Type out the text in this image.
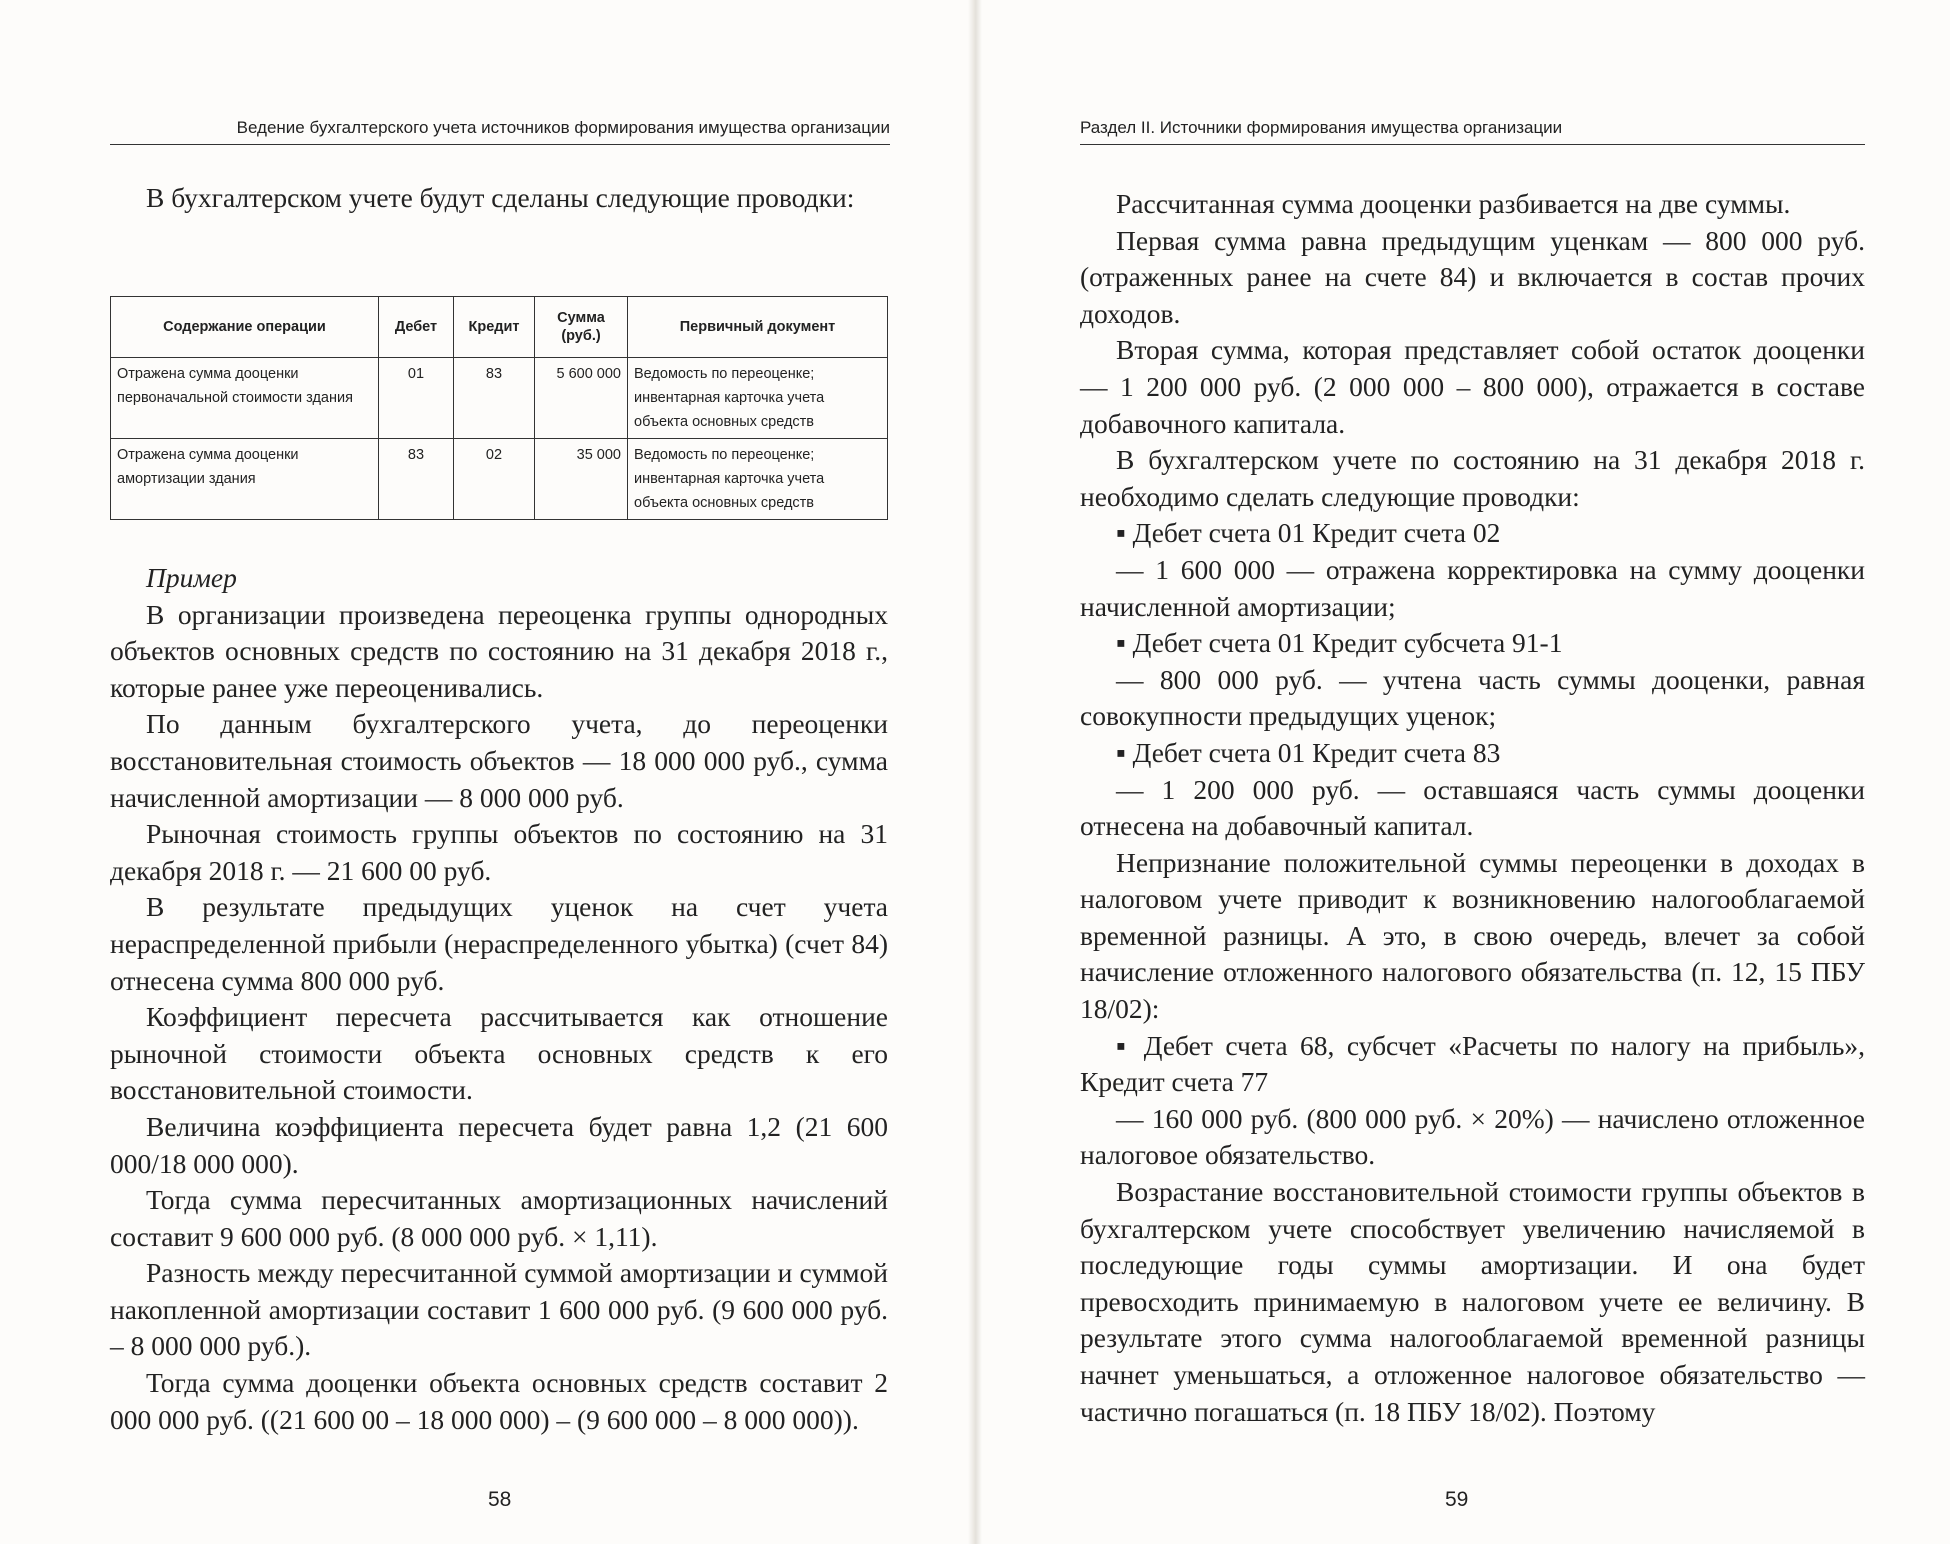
Ведение бухгалтерского учета источников формирования имущества организации

В бухгалтерском учете будут сделаны следующие проводки:

Содержание операции	Дебет	Кредит	Сумма (руб.)	Первичный документ
Отражена сумма дооценки первоначальной стоимости здания	01	83	5 600 000	Ведомость по переоценке; инвентарная карточка учета объекта основных средств
Отражена сумма дооценки амортизации здания	83	02	35 000	Ведомость по переоценке; инвентарная карточка учета объекта основных средств

Пример

В организации произведена переоценка группы однородных объектов основных средств по состоянию на 31 декабря 2018 г., которые ранее уже переоценивались.

По данным бухгалтерского учета, до переоценки восстановительная стоимость объектов — 18 000 000 руб., сумма начисленной амортизации — 8 000 000 руб.

Рыночная стоимость группы объектов по состоянию на 31 декабря 2018 г. — 21 600 00 руб.

В результате предыдущих уценок на счет учета нераспределенной прибыли (нераспределенного убытка) (счет 84) отнесена сумма 800 000 руб.

Коэффициент пересчета рассчитывается как отношение рыночной стоимости объекта основных средств к его восстановительной стоимости.

Величина коэффициента пересчета будет равна 1,2 (21 600 000/18 000 000).

Тогда сумма пересчитанных амортизационных начислений составит 9 600 000 руб. (8 000 000 руб. × 1,11).

Разность между пересчитанной суммой амортизации и суммой накопленной амортизации составит 1 600 000 руб. (9 600 000 руб. – 8 000 000 руб.).

Тогда сумма дооценки объекта основных средств составит 2 000 000 руб. ((21 600 00 – 18 000 000) – (9 600 000 – 8 000 000)).

58
Раздел II. Источники формирования имущества организации

Рассчитанная сумма дооценки разбивается на две суммы.

Первая сумма равна предыдущим уценкам — 800 000 руб. (отраженных ранее на счете 84) и включается в состав прочих доходов.

Вторая сумма, которая представляет собой остаток дооценки — 1 200 000 руб. (2 000 000 – 800 000), отражается в составе добавочного капитала.

В бухгалтерском учете по состоянию на 31 декабря 2018 г. необходимо сделать следующие проводки:

▪ Дебет счета 01 Кредит счета 02

— 1 600 000 — отражена корректировка на сумму дооценки начисленной амортизации;

▪ Дебет счета 01 Кредит субсчета 91-1

— 800 000 руб. — учтена часть суммы дооценки, равная совокупности предыдущих уценок;

▪ Дебет счета 01 Кредит счета 83

— 1 200 000 руб. — оставшаяся часть суммы дооценки отнесена на добавочный капитал.

Непризнание положительной суммы переоценки в доходах в налоговом учете приводит к возникновению налогооблагаемой временной разницы. А это, в свою очередь, влечет за собой начисление отложенного налогового обязательства (п. 12, 15 ПБУ 18/02):

▪ Дебет счета 68, субсчет «Расчеты по налогу на прибыль», Кредит счета 77

— 160 000 руб. (800 000 руб. × 20%) — начислено отложенное налоговое обязательство.

Возрастание восстановительной стоимости группы объектов в бухгалтерском учете способствует увеличению начисляемой в последующие годы суммы амортизации. И она будет превосходить принимаемую в налоговом учете ее величину. В результате этого сумма налогооблагаемой временной разницы начнет уменьшаться, а отложенное налоговое обязательство — частично погашаться (п. 18 ПБУ 18/02). Поэтому

59
